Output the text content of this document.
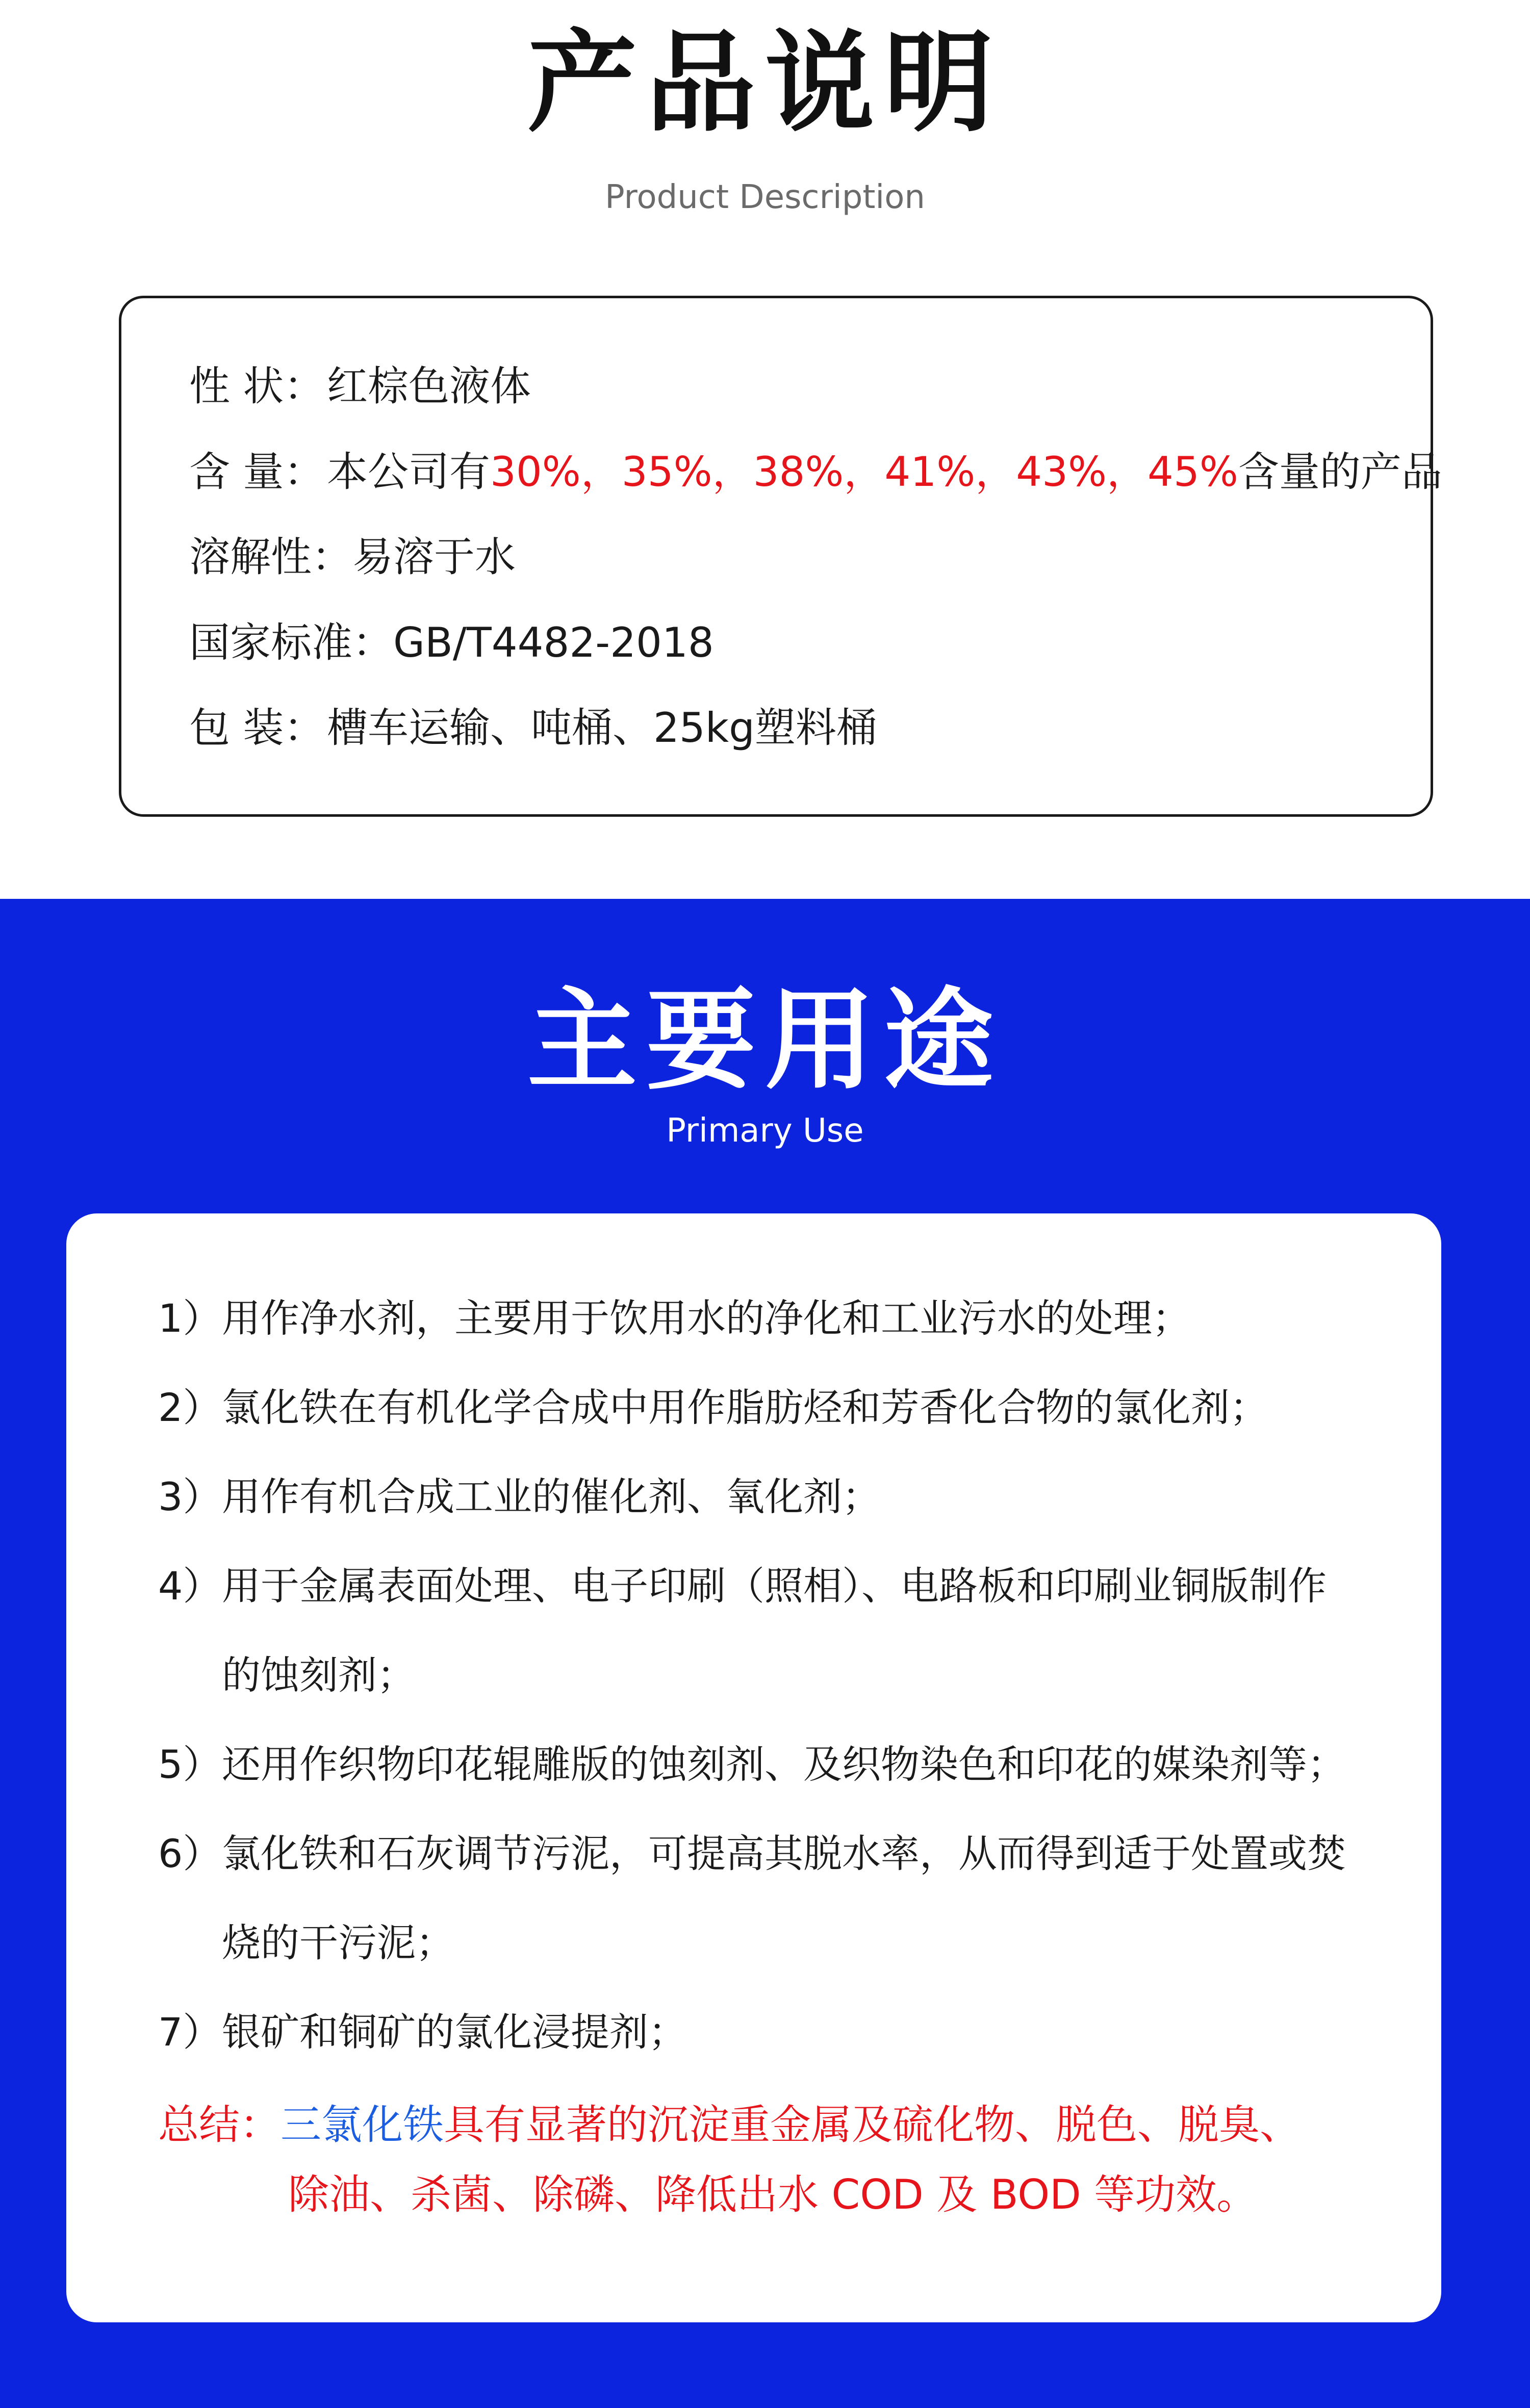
产品说明
Product Description
性 状：红棕色液体
含 量：本公司有30%，35%，38%，41%，43%，45%含量的产品
溶解性：易溶于水
国家标准：GB/T4482-2018
包 装：槽车运输、吨桶、25kg塑料桶
主要用途
Primary Use
1）用作净水剂，主要用于饮用水的净化和工业污水的处理；
2）氯化铁在有机化学合成中用作脂肪烃和芳香化合物的氯化剂；
3）用作有机合成工业的催化剂、氧化剂；
4）用于金属表面处理、电子印刷（照相）、电路板和印刷业铜版制作
的蚀刻剂；
5）还用作织物印花辊雕版的蚀刻剂、及织物染色和印花的媒染剂等；
6）氯化铁和石灰调节污泥，可提高其脱水率，从而得到适于处置或焚
烧的干污泥；
7）银矿和铜矿的氯化浸提剂；
总结：三氯化铁具有显著的沉淀重金属及硫化物、脱色、脱臭、
除油、杀菌、除磷、降低出水 COD 及 BOD 等功效。
